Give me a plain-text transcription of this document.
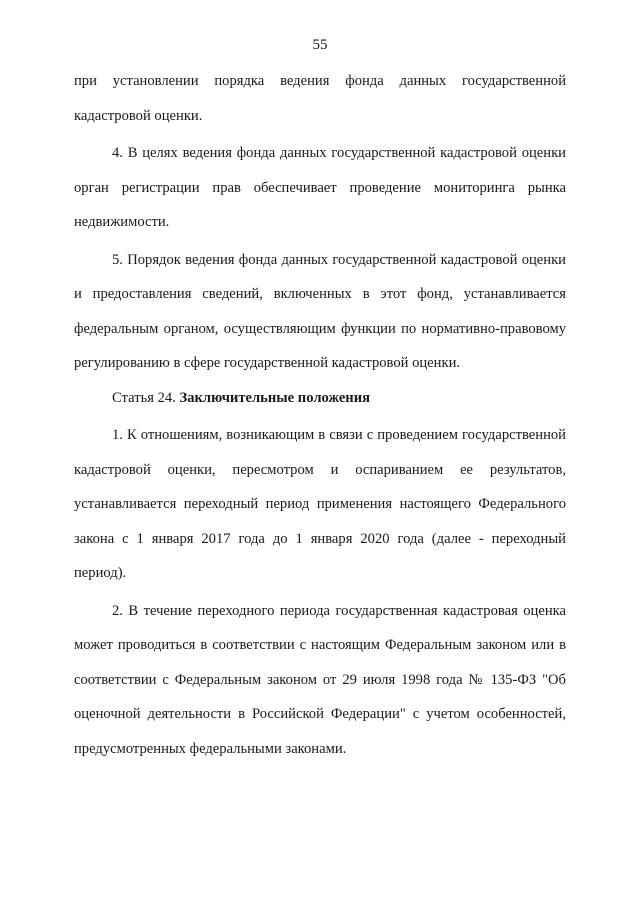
55

при установлении порядка ведения фонда данных государственной кадастровой оценки.

4. В целях ведения фонда данных государственной кадастровой оценки орган регистрации прав обеспечивает проведение мониторинга рынка недвижимости.

5. Порядок ведения фонда данных государственной кадастровой оценки и предоставления сведений, включенных в этот фонд, устанавливается федеральным органом, осуществляющим функции по нормативно-правовому регулированию в сфере государственной кадастровой оценки.

Статья 24. Заключительные положения

1. К отношениям, возникающим в связи с проведением государственной кадастровой оценки, пересмотром и оспариванием ее результатов, устанавливается переходный период применения настоящего Федерального закона с 1 января 2017 года до 1 января 2020 года (далее - переходный период).

2. В течение переходного периода государственная кадастровая оценка может проводиться в соответствии с настоящим Федеральным законом или в соответствии с Федеральным законом от 29 июля 1998 года № 135-ФЗ "Об оценочной деятельности в Российской Федерации" с учетом особенностей, предусмотренных федеральными законами.
